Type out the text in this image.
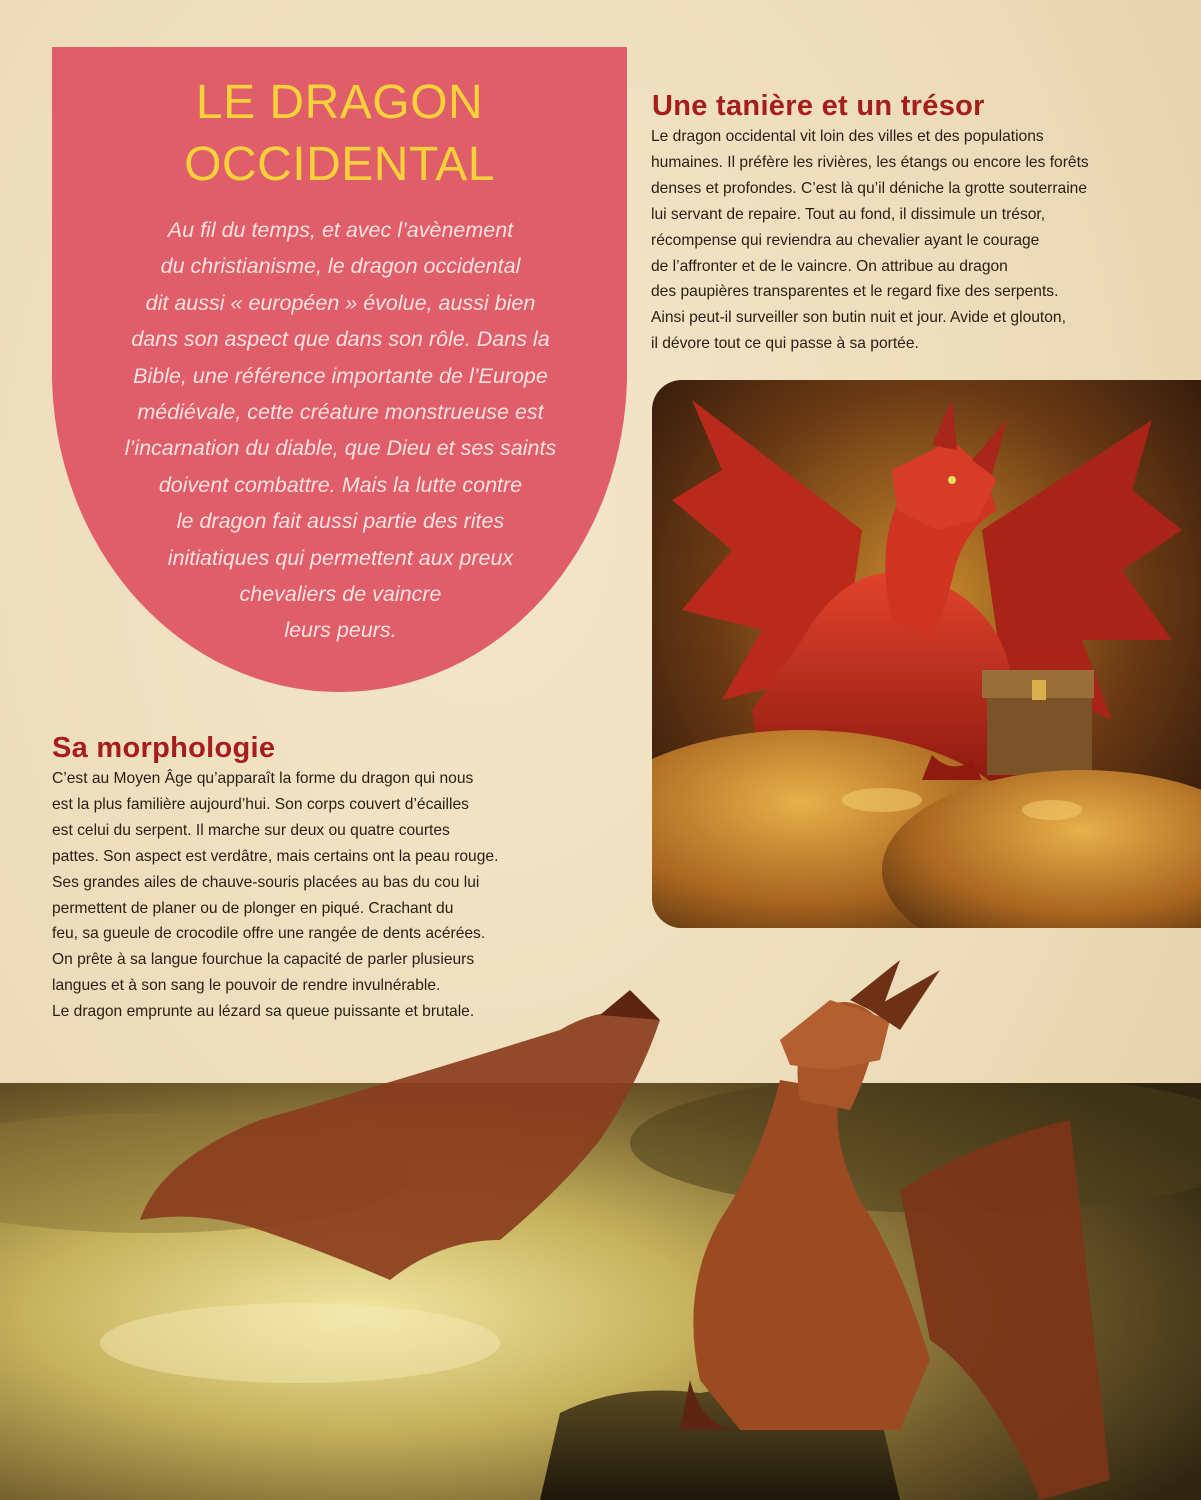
LE DRAGON
OCCIDENTAL
Au fil du temps, et avec l’avènement
du christianisme, le dragon occidental
dit aussi « européen » évolue, aussi bien
dans son aspect que dans son rôle. Dans la
Bible, une référence importante de l’Europe
médiévale, cette créature monstrueuse est
l’incarnation du diable, que Dieu et ses saints
doivent combattre. Mais la lutte contre
le dragon fait aussi partie des rites
initiatiques qui permettent aux preux
chevaliers de vaincre
leurs peurs.
Une tanière et un trésor
Le dragon occidental vit loin des villes et des populations
humaines. Il préfère les rivières, les étangs ou encore les forêts
denses et profondes. C’est là qu’il déniche la grotte souterraine
lui servant de repaire. Tout au fond, il dissimule un trésor,
récompense qui reviendra au chevalier ayant le courage
de l’affronter et de le vaincre. On attribue au dragon
des paupières transparentes et le regard fixe des serpents.
Ainsi peut-il surveiller son butin nuit et jour. Avide et glouton,
il dévore tout ce qui passe à sa portée.
Sa morphologie
C’est au Moyen Âge qu’apparaît la forme du dragon qui nous
est la plus familière aujourd’hui. Son corps couvert d’écailles
est celui du serpent. Il marche sur deux ou quatre courtes
pattes. Son aspect est verdâtre, mais certains ont la peau rouge.
Ses grandes ailes de chauve-souris placées au bas du cou lui
permettent de planer ou de plonger en piqué. Crachant du
feu, sa gueule de crocodile offre une rangée de dents acérées.
On prête à sa langue fourchue la capacité de parler plusieurs
langues et à son sang le pouvoir de rendre invulnérable.
Le dragon emprunte au lézard sa queue puissante et brutale.
